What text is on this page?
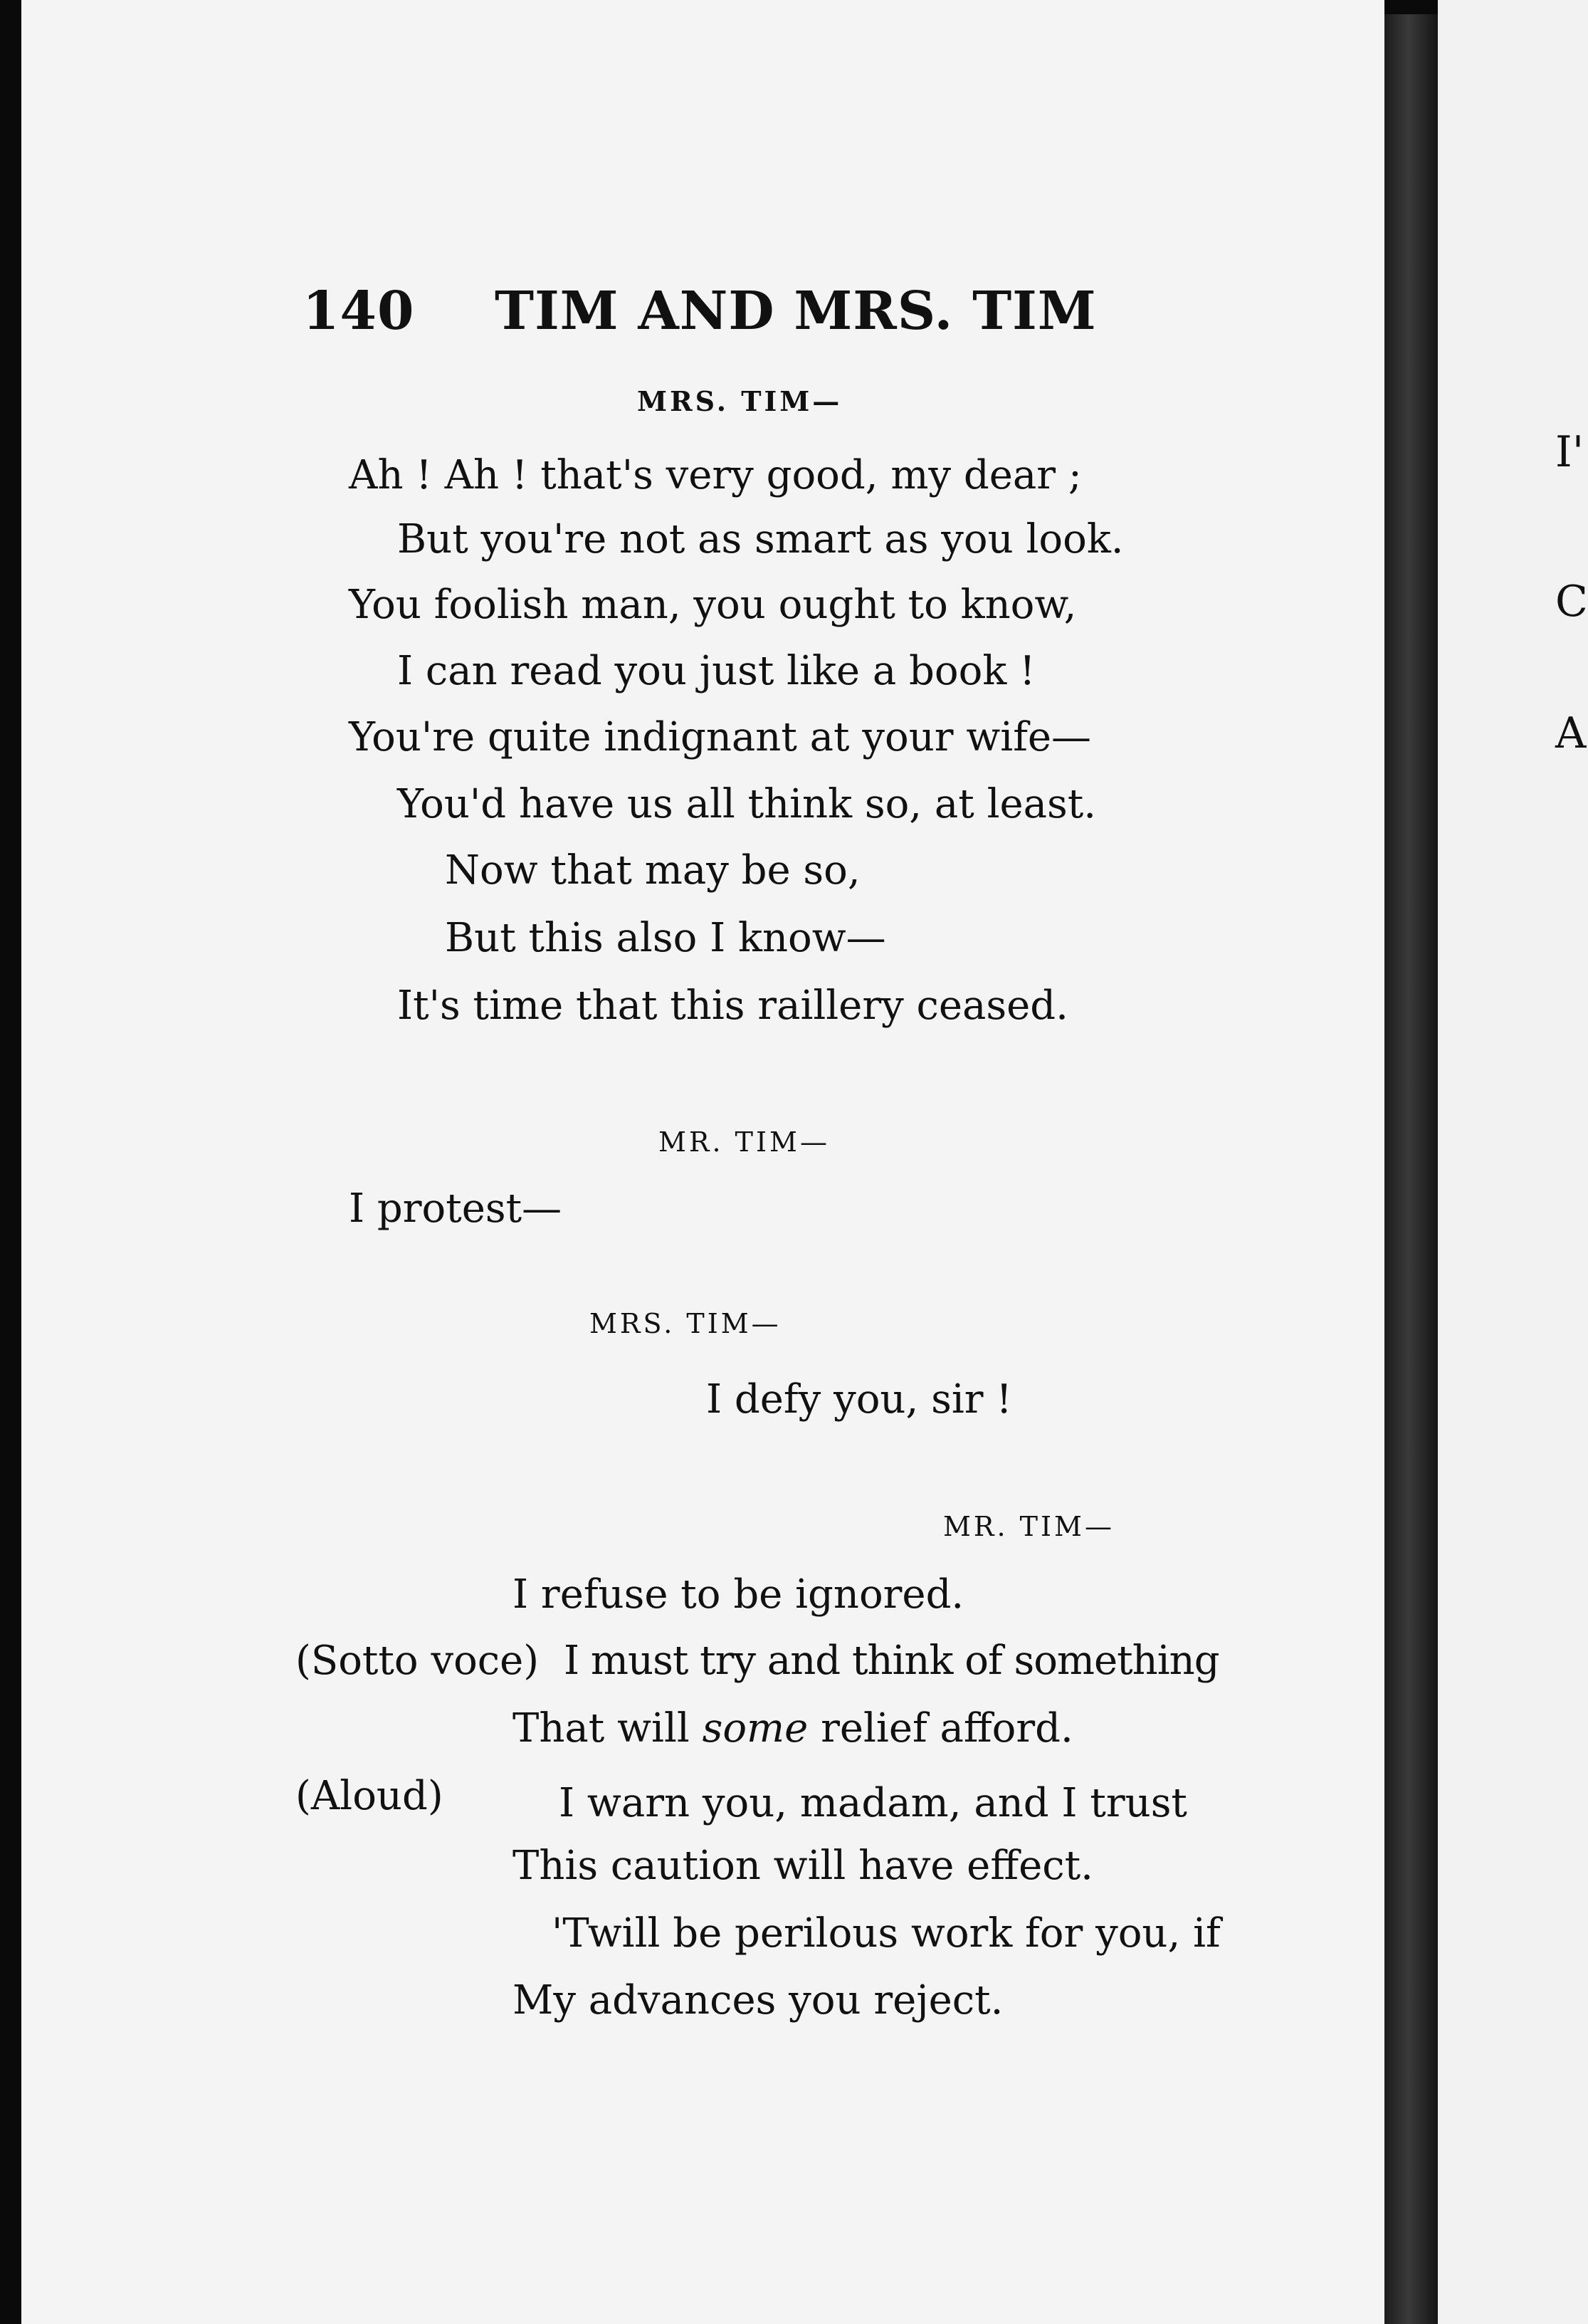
I'
C
A
140 TIM AND MRS. TIM
MRS. TIM—
Ah ! Ah ! that's very good, my dear ;
But you're not as smart as you look.
You foolish man, you ought to know,
I can read you just like a book !
You're quite indignant at your wife—
You'd have us all think so, at least.
Now that may be so,
But this also I know—
It's time that this raillery ceased.
MR. TIM—
I protest—
MRS. TIM—
I defy you, sir !
MR. TIM—
I refuse to be ignored.
(Sotto voce) I must try and think of something
That will some relief afford.
(Aloud)	I warn you, madam, and I trust
This caution will have effect.
'Twill be perilous work for you, if
My advances you reject.
